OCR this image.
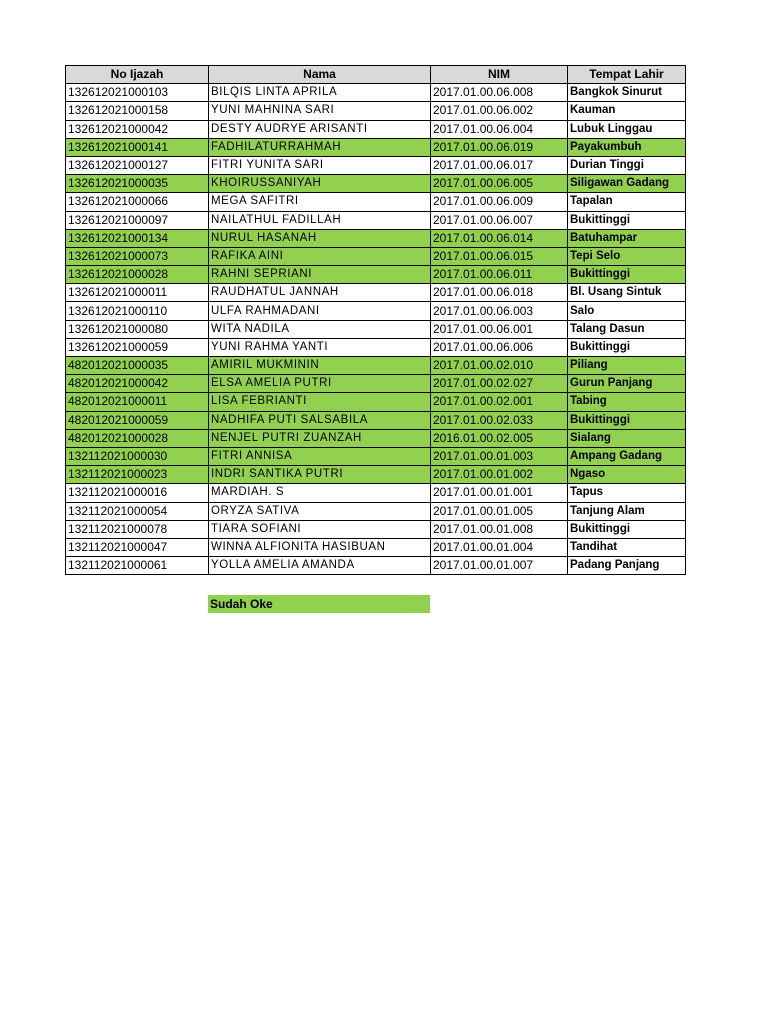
No Ijazah	Nama	NIM	Tempat Lahir
132612021000103	BILQIS LINTA APRILA	2017.01.00.06.008	Bangkok Sinurut
132612021000158	YUNI MAHNINA SARI	2017.01.00.06.002	Kauman
132612021000042	DESTY AUDRYE ARISANTI	2017.01.00.06.004	Lubuk Linggau
132612021000141	FADHILATURRAHMAH	2017.01.00.06.019	Payakumbuh
132612021000127	FITRI YUNITA SARI	2017.01.00.06.017	Durian Tinggi
132612021000035	KHOIRUSSANIYAH	2017.01.00.06.005	Siligawan Gadang
132612021000066	MEGA SAFITRI	2017.01.00.06.009	Tapalan
132612021000097	NAILATHUL FADILLAH	2017.01.00.06.007	Bukittinggi
132612021000134	NURUL HASANAH	2017.01.00.06.014	Batuhampar
132612021000073	RAFIKA AINI	2017.01.00.06.015	Tepi Selo
132612021000028	RAHNI SEPRIANI	2017.01.00.06.011	Bukittinggi
132612021000011	RAUDHATUL JANNAH	2017.01.00.06.018	Bl. Usang Sintuk
132612021000110	ULFA RAHMADANI	2017.01.00.06.003	Salo
132612021000080	WITA NADILA	2017.01.00.06.001	Talang Dasun
132612021000059	YUNI RAHMA YANTI	2017.01.00.06.006	Bukittinggi
482012021000035	AMIRIL MUKMININ	2017.01.00.02.010	Piliang
482012021000042	ELSA AMELIA PUTRI	2017.01.00.02.027	Gurun Panjang
482012021000011	LISA FEBRIANTI	2017.01.00.02.001	Tabing
482012021000059	NADHIFA PUTI SALSABILA	2017.01.00.02.033	Bukittinggi
482012021000028	NENJEL PUTRI ZUANZAH	2016.01.00.02.005	Sialang
132112021000030	FITRI ANNISA	2017.01.00.01.003	Ampang Gadang
132112021000023	INDRI SANTIKA PUTRI	2017.01.00.01.002	Ngaso
132112021000016	MARDIAH. S	2017.01.00.01.001	Tapus
132112021000054	ORYZA SATIVA	2017.01.00.01.005	Tanjung Alam
132112021000078	TIARA SOFIANI	2017.01.00.01.008	Bukittinggi
132112021000047	WINNA ALFIONITA HASIBUAN	2017.01.00.01.004	Tandihat
132112021000061	YOLLA AMELIA AMANDA	2017.01.00.01.007	Padang Panjang
Sudah Oke
